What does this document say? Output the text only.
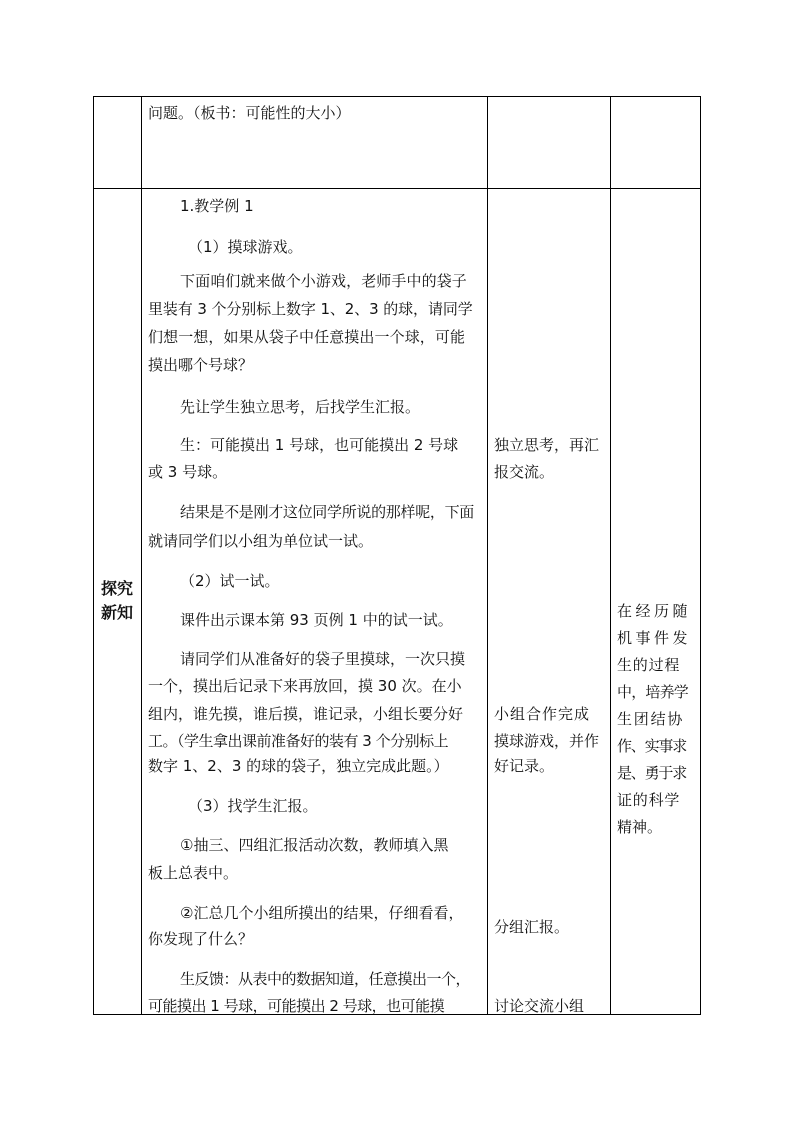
问题。（板书：可能性的大小）
探究
新知
1.教学例 1
（1）摸球游戏。
下面咱们就来做个小游戏，老师手中的袋子
里装有 3 个分别标上数字 1、2、3 的球，请同学
们想一想，如果从袋子中任意摸出一个球，可能
摸出哪个号球？
先让学生独立思考，后找学生汇报。
生：可能摸出 1 号球，也可能摸出 2 号球
或 3 号球。
结果是不是刚才这位同学所说的那样呢，下面
就请同学们以小组为单位试一试。
（2）试一试。
课件出示课本第 93 页例 1 中的试一试。
请同学们从准备好的袋子里摸球，一次只摸
一个，摸出后记录下来再放回，摸 30 次。在小
组内，谁先摸，谁后摸，谁记录，小组长要分好
工。（学生拿出课前准备好的装有 3 个分别标上
数字 1、2、3 的球的袋子，独立完成此题。）
（3）找学生汇报。
①抽三、四组汇报活动次数，教师填入黑
板上总表中。
②汇总几个小组所摸出的结果，仔细看看，
你发现了什么？
生反馈：从表中的数据知道，任意摸出一个，
可能摸出 1 号球，可能摸出 2 号球，也可能摸
独立思考，再汇
报交流。
小组合作完成
摸球游戏，并作
好记录。
分组汇报。
讨论交流小组
在经历随
机事件发
生的过程
中，培养学
生团结协
作、实事求
是、勇于求
证的科学
精神。
